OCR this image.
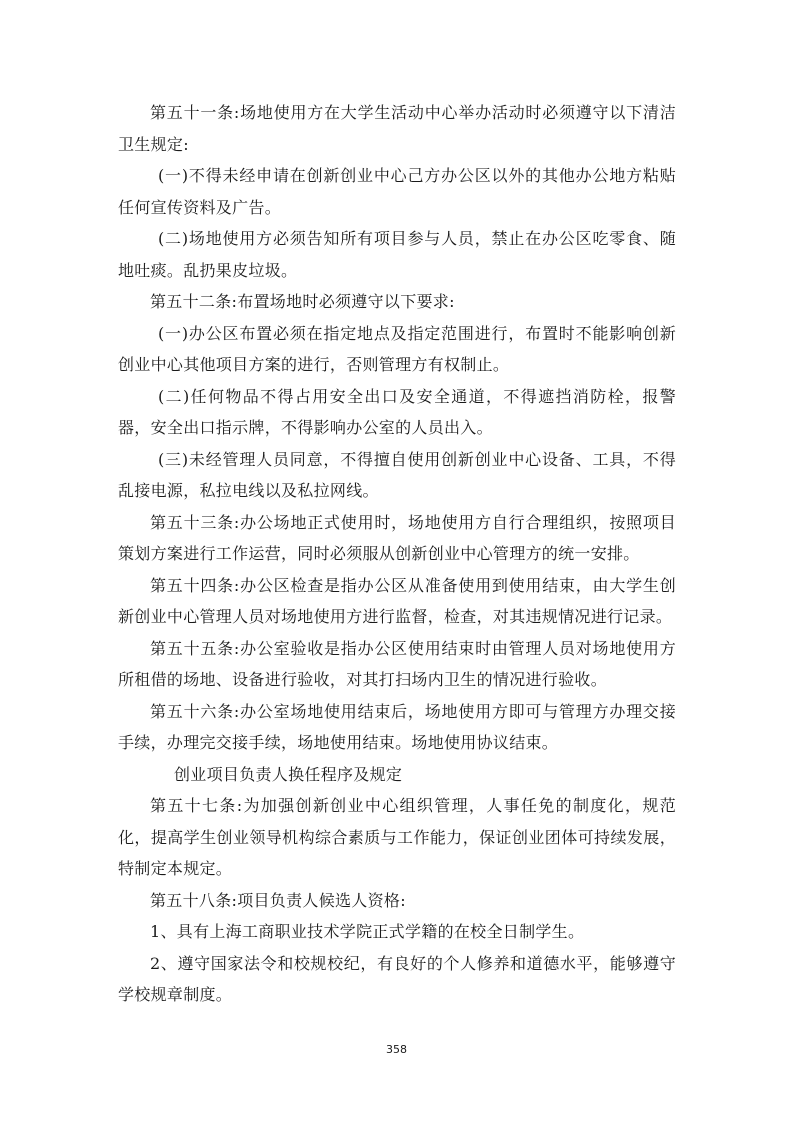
第五十一条:场地使用方在大学生活动中心举办活动时必须遵守以下清洁卫生规定:

(一)不得未经申请在创新创业中心己方办公区以外的其他办公地方粘贴任何宣传资料及广告。

(二)场地使用方必须告知所有项目参与人员，禁止在办公区吃零食、随地吐痰。乱扔果皮垃圾。

第五十二条:布置场地时必须遵守以下要求:

(一)办公区布置必须在指定地点及指定范围进行，布置时不能影响创新创业中心其他项目方案的进行，否则管理方有权制止。

(二)任何物品不得占用安全出口及安全通道，不得遮挡消防栓，报警器，安全出口指示牌，不得影响办公室的人员出入。

(三)未经管理人员同意，不得擅自使用创新创业中心设备、工具，不得乱接电源，私拉电线以及私拉网线。

第五十三条:办公场地正式使用时，场地使用方自行合理组织，按照项目策划方案进行工作运营，同时必须服从创新创业中心管理方的统一安排。

第五十四条:办公区检查是指办公区从准备使用到使用结束，由大学生创新创业中心管理人员对场地使用方进行监督，检查，对其违规情况进行记录。

第五十五条:办公室验收是指办公区使用结束时由管理人员对场地使用方所租借的场地、设备进行验收，对其打扫场内卫生的情况进行验收。

第五十六条:办公室场地使用结束后，场地使用方即可与管理方办理交接手续，办理完交接手续，场地使用结束。场地使用协议结束。

创业项目负责人换任程序及规定

第五十七条:为加强创新创业中心组织管理，人事任免的制度化，规范化，提高学生创业领导机构综合素质与工作能力，保证创业团体可持续发展，特制定本规定。

第五十八条:项目负责人候选人资格:

1、具有上海工商职业技术学院正式学籍的在校全日制学生。

2、遵守国家法令和校规校纪，有良好的个人修养和道德水平，能够遵守学校规章制度。

358
